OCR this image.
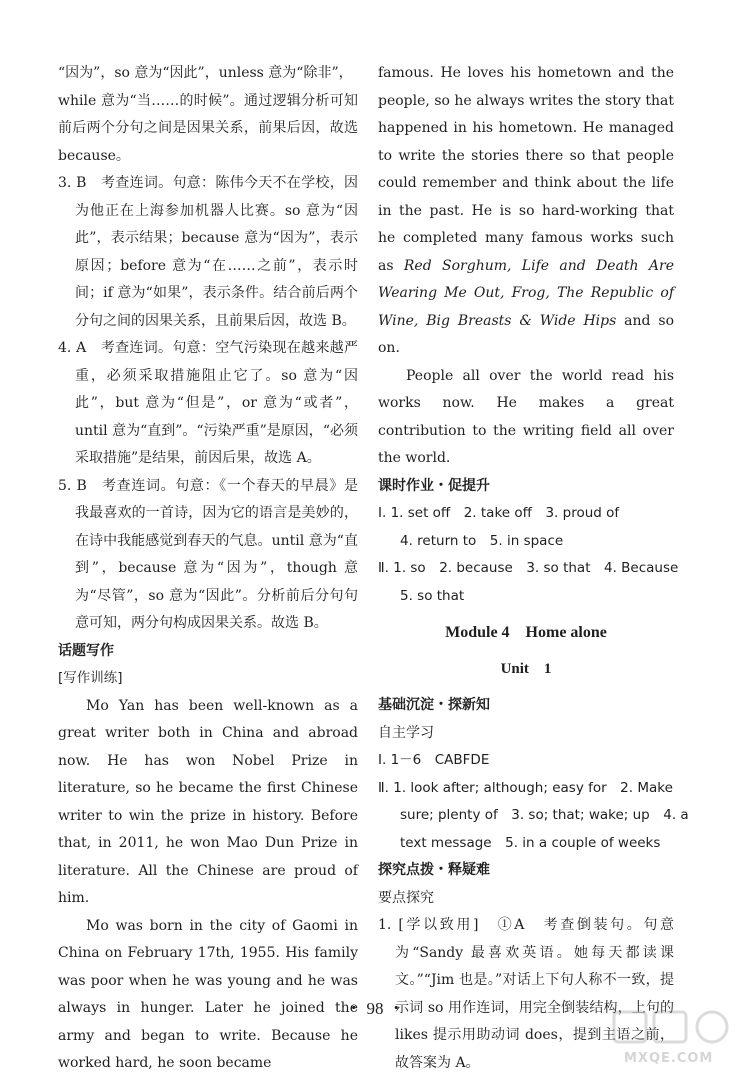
“因为”，so 意为“因此”，unless 意为“除非”，

while 意为“当……的时候”。通过逻辑分析可知前后两个分句之间是因果关系，前果后因，故选 because。

3. B　考查连词。句意：陈伟今天不在学校，因为他正在上海参加机器人比赛。so 意为“因此”，表示结果；because 意为“因为”，表示原因；before 意为“在……之前”，表示时间；if 意为“如果”，表示条件。结合前后两个分句之间的因果关系，且前果后因，故选 B。

4. A　考查连词。句意：空气污染现在越来越严重，必须采取措施阻止它了。so 意为“因此”，but 意为“但是”，or 意为“或者”，until 意为“直到”。“污染严重”是原因，“必须采取措施”是结果，前因后果，故选 A。

5. B　考查连词。句意：《一个春天的早晨》是我最喜欢的一首诗，因为它的语言是美妙的，在诗中我能感觉到春天的气息。until 意为“直到”，because 意为“因为”，though 意为“尽管”，so 意为“因此”。分析前后分句句意可知，两分句构成因果关系。故选 B。

话题写作

[写作训练]

Mo Yan has been well-known as a great writer both in China and abroad now. He has won Nobel Prize in literature, so he became the first Chinese writer to win the prize in history. Before that, in 2011, he won Mao Dun Prize in literature. All the Chinese are proud of him.

Mo was born in the city of Gaomi in China on February 17th, 1955. His family was poor when he was young and he was always in hunger. Later he joined the army and began to write. Because he worked hard, he soon became

famous. He loves his hometown and the people, so he always writes the story that happened in his hometown. He managed to write the stories there so that people could remember and think about the life in the past. He is so hard-working that he completed many famous works such as Red Sorghum, Life and Death Are Wearing Me Out, Frog, The Republic of Wine, Big Breasts & Wide Hips and so on.

People all over the world read his works now. He makes a great contribution to the writing field all over the world.

课时作业・促提升

Ⅰ. 1. set off　2. take off　3. proud of

4. return to　5. in space

Ⅱ. 1. so　2. because　3. so that　4. Because

5. so that

Module 4　Home alone
Unit　1

基础沉淀・探新知

自主学习

Ⅰ. 1－6　CABFDE

Ⅱ. 1. look after; although; easy for　2. Make

sure; plenty of　3. so; that; wake; up　4. a

text message　5. in a couple of weeks

探究点拨・释疑难

要点探究

1. [学以致用]　①A　考查倒装句。句意为“Sandy 最喜欢英语。她每天都读课文。”“Jim 也是。”对话上下句人称不一致，提示词 so 用作连词，用完全倒装结构，上句的 likes 提示用助动词 does，提到主语之前，故答案为 A。

・ 98 ・
MXQE.COM
